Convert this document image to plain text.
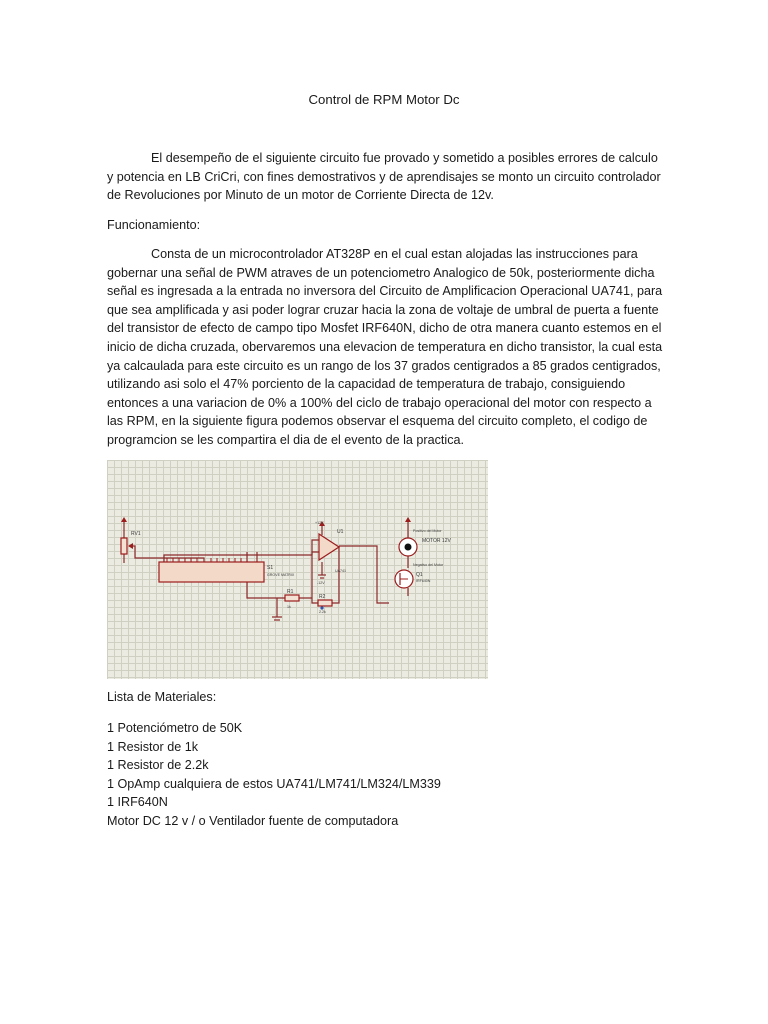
Control de RPM Motor Dc

El desempeño de el siguiente circuito fue provado y sometido a posibles errores de calculo y potencia en LB CriCri, con fines demostrativos y de aprendisajes se monto un circuito controlador de Revoluciones por Minuto de un motor de Corriente Directa de 12v.

Funcionamiento:

Consta de un microcontrolador AT328P en el cual estan alojadas las instrucciones para gobernar una señal de PWM atraves de un potenciometro Analogico de 50k, posteriormente dicha señal es ingresada a la entrada no inversora del Circuito de Amplificacion Operacional UA741, para que sea amplificada y asi poder lograr cruzar hacia la zona de voltaje de umbral de puerta a fuente del transistor de efecto de campo tipo Mosfet IRF640N, dicho de otra manera cuanto estemos en el inicio de dicha cruzada, obervaremos una elevacion de temperatura en dicho transistor, la cual esta ya calcaulada para este circuito es un rango de los 37 grados centigrados a 85 grados centigrados, utilizando asi solo el 47% porciento de la capacidad de temperatura de trabajo, consiguiendo entonces a una variacion de 0% a 100% del ciclo de trabajo operacional del motor con respecto a las RPM, en la siguiente figura podemos observar el esquema del circuito completo, el codigo de programcion se les compartira el dia de el evento de la practica.

S1
GROVE MATRIX
RV1	U1
UA741
+12V
-12V
R1
1k
R2
2.2k
MOTOR 12V
Positivo del Motor
Negativo del Motor
Q1
IRF640N

Lista de Materiales:

1 Potenciómetro de 50K
1 Resistor de 1k
1 Resistor de 2.2k
1 OpAmp cualquiera de estos UA741/LM741/LM324/LM339
1 IRF640N
Motor DC 12 v / o Ventilador fuente de computadora
